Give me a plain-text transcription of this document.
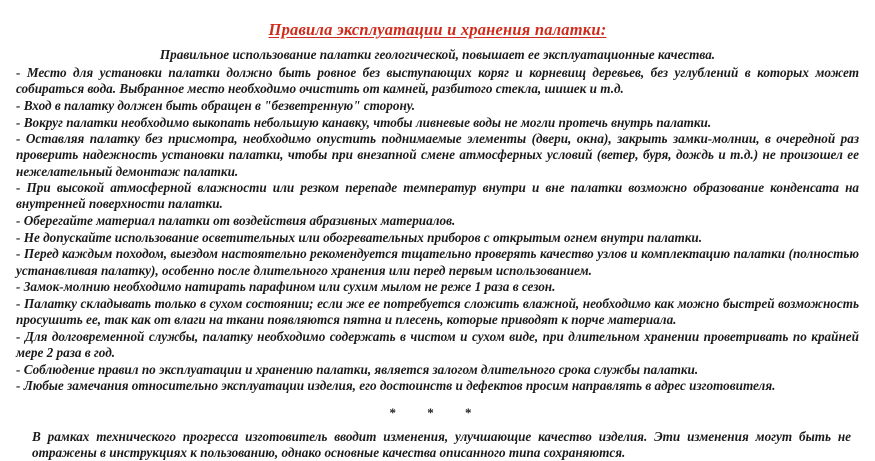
Правила эксплуатации и хранения палатки:
Правильное использование палатки геологической, повышает ее эксплуатационные качества.

- Место для установки палатки должно быть ровное без выступающих коряг и корневищ деревьев, без углублений в которых может собираться вода. Выбранное место необходимо очистить от камней, разбитого стекла, шишек и т.д.

- Вход в палатку должен быть обращен в "безветренную" сторону.

- Вокруг палатки необходимо выкопать небольшую канавку, чтобы ливневые воды не могли протечь внутрь палатки.

- Оставляя палатку без присмотра, необходимо опустить поднимаемые элементы (двери, окна), закрыть замки-молнии, в очередной раз проверить надежность установки палатки, чтобы при внезапной смене атмосферных условий (ветер, буря, дождь и т.д.) не произошел ее нежелательный демонтаж палатки.

- При высокой атмосферной влажности или резком перепаде температур внутри и вне палатки возможно образование конденсата на внутренней поверхности палатки.

- Оберегайте материал палатки от воздействия абразивных материалов.

- Не допускайте использование осветительных или обогревательных приборов с открытым огнем внутри палатки.

- Перед каждым походом, выездом настоятельно рекомендуется тщательно проверять качество узлов и комплектацию палатки (полностью устанавливая палатку), особенно после длительного хранения или перед первым использованием.

- Замок-молнию необходимо натирать парафином или сухим мылом не реже 1 раза в сезон.

- Палатку складывать только в сухом состоянии; если же ее потребуется сложить влажной, необходимо как можно быстрей возможность просушить ее, так как от влаги на ткани появляются пятна и плесень, которые приводят к порче материала.

- Для долговременной службы, палатку необходимо содержать в чистом и сухом виде, при длительном хранении проветривать по крайней мере 2 раза в год.

- Соблюдение правил по эксплуатации и хранению палатки, является залогом длительного срока службы палатки.

- Любые замечания относительно эксплуатации изделия, его достоинств и дефектов просим направлять в адрес изготовителя.

* * *
В рамках технического прогресса изготовитель вводит изменения, улучшающие качество изделия. Эти изменения могут быть не отражены в инструкциях к пользованию, однако основные качества описанного типа сохраняются.
